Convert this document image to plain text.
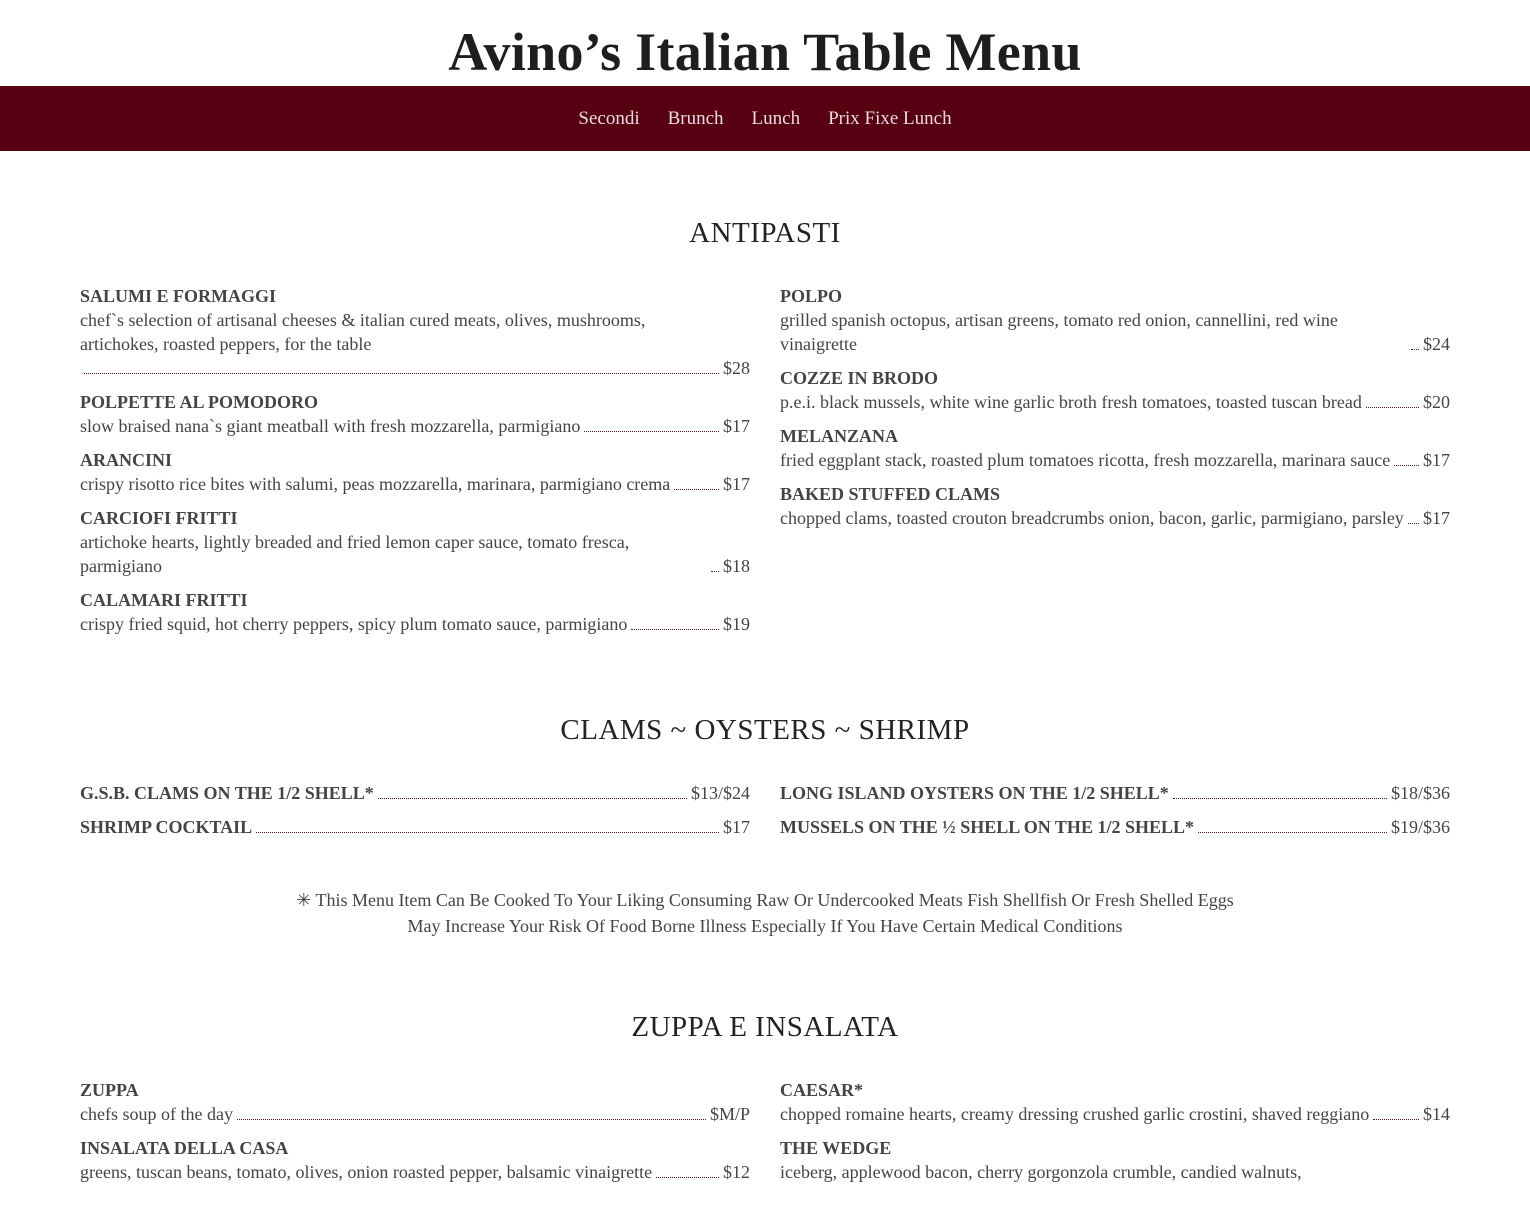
Avino’s Italian Table Menu
Secondi Brunch Lunch Prix Fixe Lunch
ANTIPASTI
SALUMI E FORMAGGI
chef`s selection of artisanal cheeses & italian cured meats, olives, mushrooms, artichokes, roasted peppers, for the table
$28
POLPETTE AL POMODORO
slow braised nana`s giant meatball with fresh mozzarella, parmigiano	$17
ARANCINI
crispy risotto rice bites with salumi, peas mozzarella, marinara, parmigiano crema	$17
CARCIOFI FRITTI
artichoke hearts, lightly breaded and fried lemon caper sauce, tomato fresca, parmigiano	$18
CALAMARI FRITTI
crispy fried squid, hot cherry peppers, spicy plum tomato sauce, parmigiano	$19
POLPO
grilled spanish octopus, artisan greens, tomato red onion, cannellini, red wine vinaigrette	$24
COZZE IN BRODO
p.e.i. black mussels, white wine garlic broth fresh tomatoes, toasted tuscan bread	$20
MELANZANA
fried eggplant stack, roasted plum tomatoes ricotta, fresh mozzarella, marinara sauce $17
BAKED STUFFED CLAMS
chopped clams, toasted crouton breadcrumbs onion, bacon, garlic, parmigiano, parsley $17
CLAMS ~ OYSTERS ~ SHRIMP
G.S.B. CLAMS ON THE 1/2 SHELL*	$13/$24
SHRIMP COCKTAIL	$17
LONG ISLAND OYSTERS ON THE 1/2 SHELL*	$18/$36
MUSSELS ON THE ½ SHELL ON THE 1/2 SHELL*	$19/$36

✳ This Menu Item Can Be Cooked To Your Liking Consuming Raw Or Undercooked Meats Fish Shellfish Or Fresh Shelled Eggs

May Increase Your Risk Of Food Borne Illness Especially If You Have Certain Medical Conditions

ZUPPA E INSALATA
ZUPPA
chefs soup of the day	$M/P
INSALATA DELLA CASA
greens, tuscan beans, tomato, olives, onion roasted pepper, balsamic vinaigrette	$12
CAESAR*
chopped romaine hearts, creamy dressing crushed garlic crostini, shaved reggiano	$14
THE WEDGE
iceberg, applewood bacon, cherry gorgonzola crumble, candied walnuts,
